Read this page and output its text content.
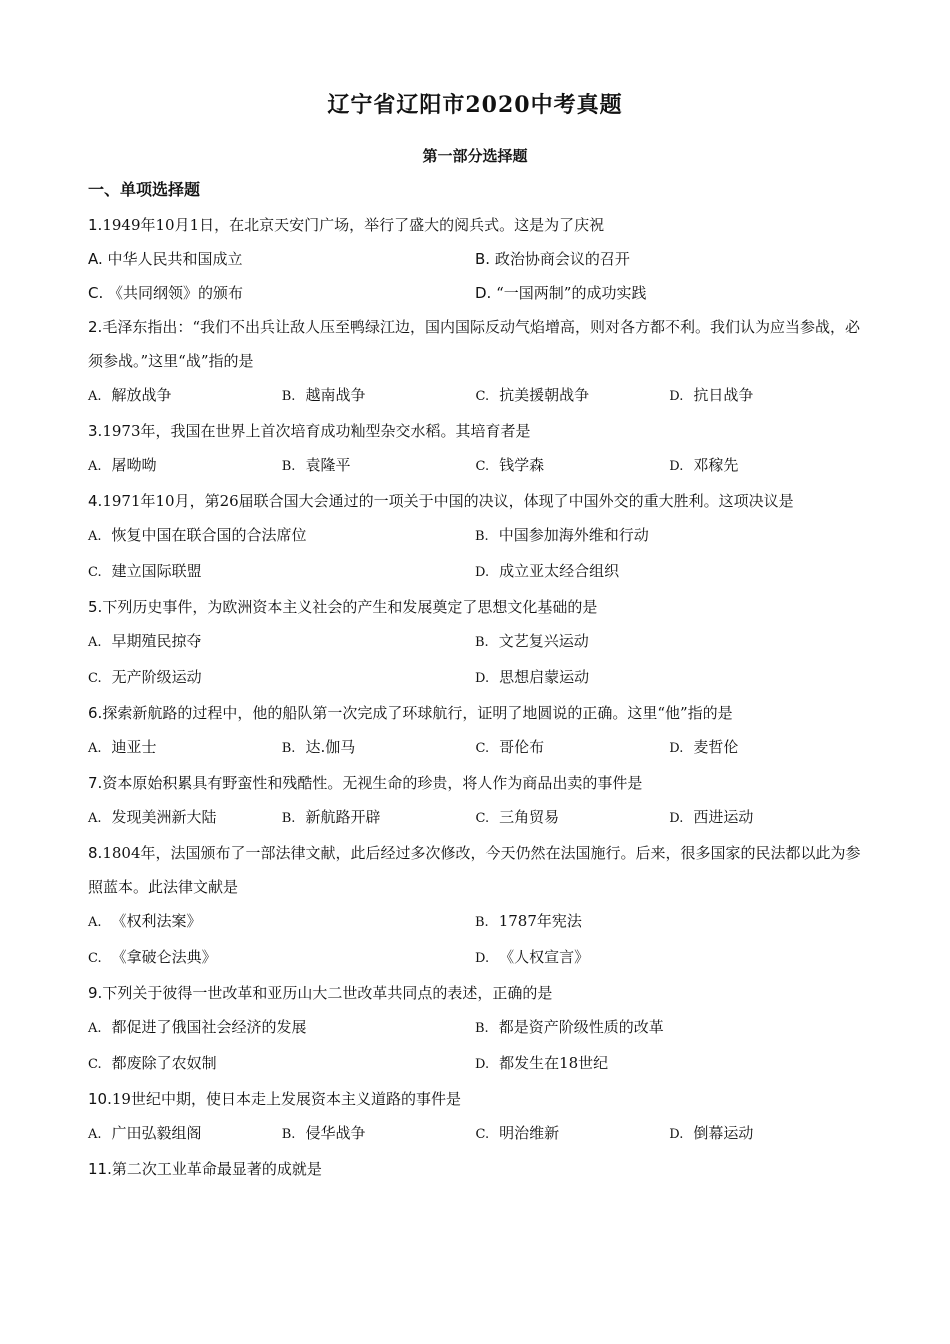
辽宁省辽阳市2020中考真题
第一部分选择题
一、单项选择题

1.1949年10月1日，在北京天安门广场，举行了盛大的阅兵式。这是为了庆祝

A. 中华人民共和国成立	B. 政治协商会议的召开
C. 《共同纲领》的颁布	D. “一国两制”的成功实践

2.毛泽东指出：“我们不出兵让敌人压至鸭绿江边，国内国际反动气焰增高，则对各方都不利。我们认为应当参战，必须参战。”这里“战”指的是

A. 解放战争	B. 越南战争	C. 抗美援朝战争	D. 抗日战争

3.1973年，我国在世界上首次培育成功籼型杂交水稻。其培育者是

A. 屠呦呦	B. 袁隆平	C. 钱学森	D. 邓稼先

4.1971年10月，第26届联合国大会通过的一项关于中国的决议，体现了中国外交的重大胜利。这项决议是

A. 恢复中国在联合国的合法席位	B. 中国参加海外维和行动
C. 建立国际联盟	D. 成立亚太经合组织

5.下列历史事件，为欧洲资本主义社会的产生和发展奠定了思想文化基础的是

A. 早期殖民掠夺	B. 文艺复兴运动
C. 无产阶级运动	D. 思想启蒙运动

6.探索新航路的过程中，他的船队第一次完成了环球航行，证明了地圆说的正确。这里“他”指的是

A. 迪亚士	B. 达.伽马	C. 哥伦布	D. 麦哲伦

7.资本原始积累具有野蛮性和残酷性。无视生命的珍贵，将人作为商品出卖的事件是

A. 发现美洲新大陆	B. 新航路开辟	C. 三角贸易	D. 西进运动

8.1804年，法国颁布了一部法律文献，此后经过多次修改，今天仍然在法国施行。后来，很多国家的民法都以此为参照蓝本。此法律文献是

A. 《权利法案》	B. 1787年宪法
C. 《拿破仑法典》	D. 《人权宣言》

9.下列关于彼得一世改革和亚历山大二世改革共同点的表述，正确的是

A. 都促进了俄国社会经济的发展	B. 都是资产阶级性质的改革
C. 都废除了农奴制	D. 都发生在18世纪

10.19世纪中期，使日本走上发展资本主义道路的事件是

A. 广田弘毅组阁	B. 侵华战争	C. 明治维新	D. 倒幕运动

11.第二次工业革命最显著的成就是
